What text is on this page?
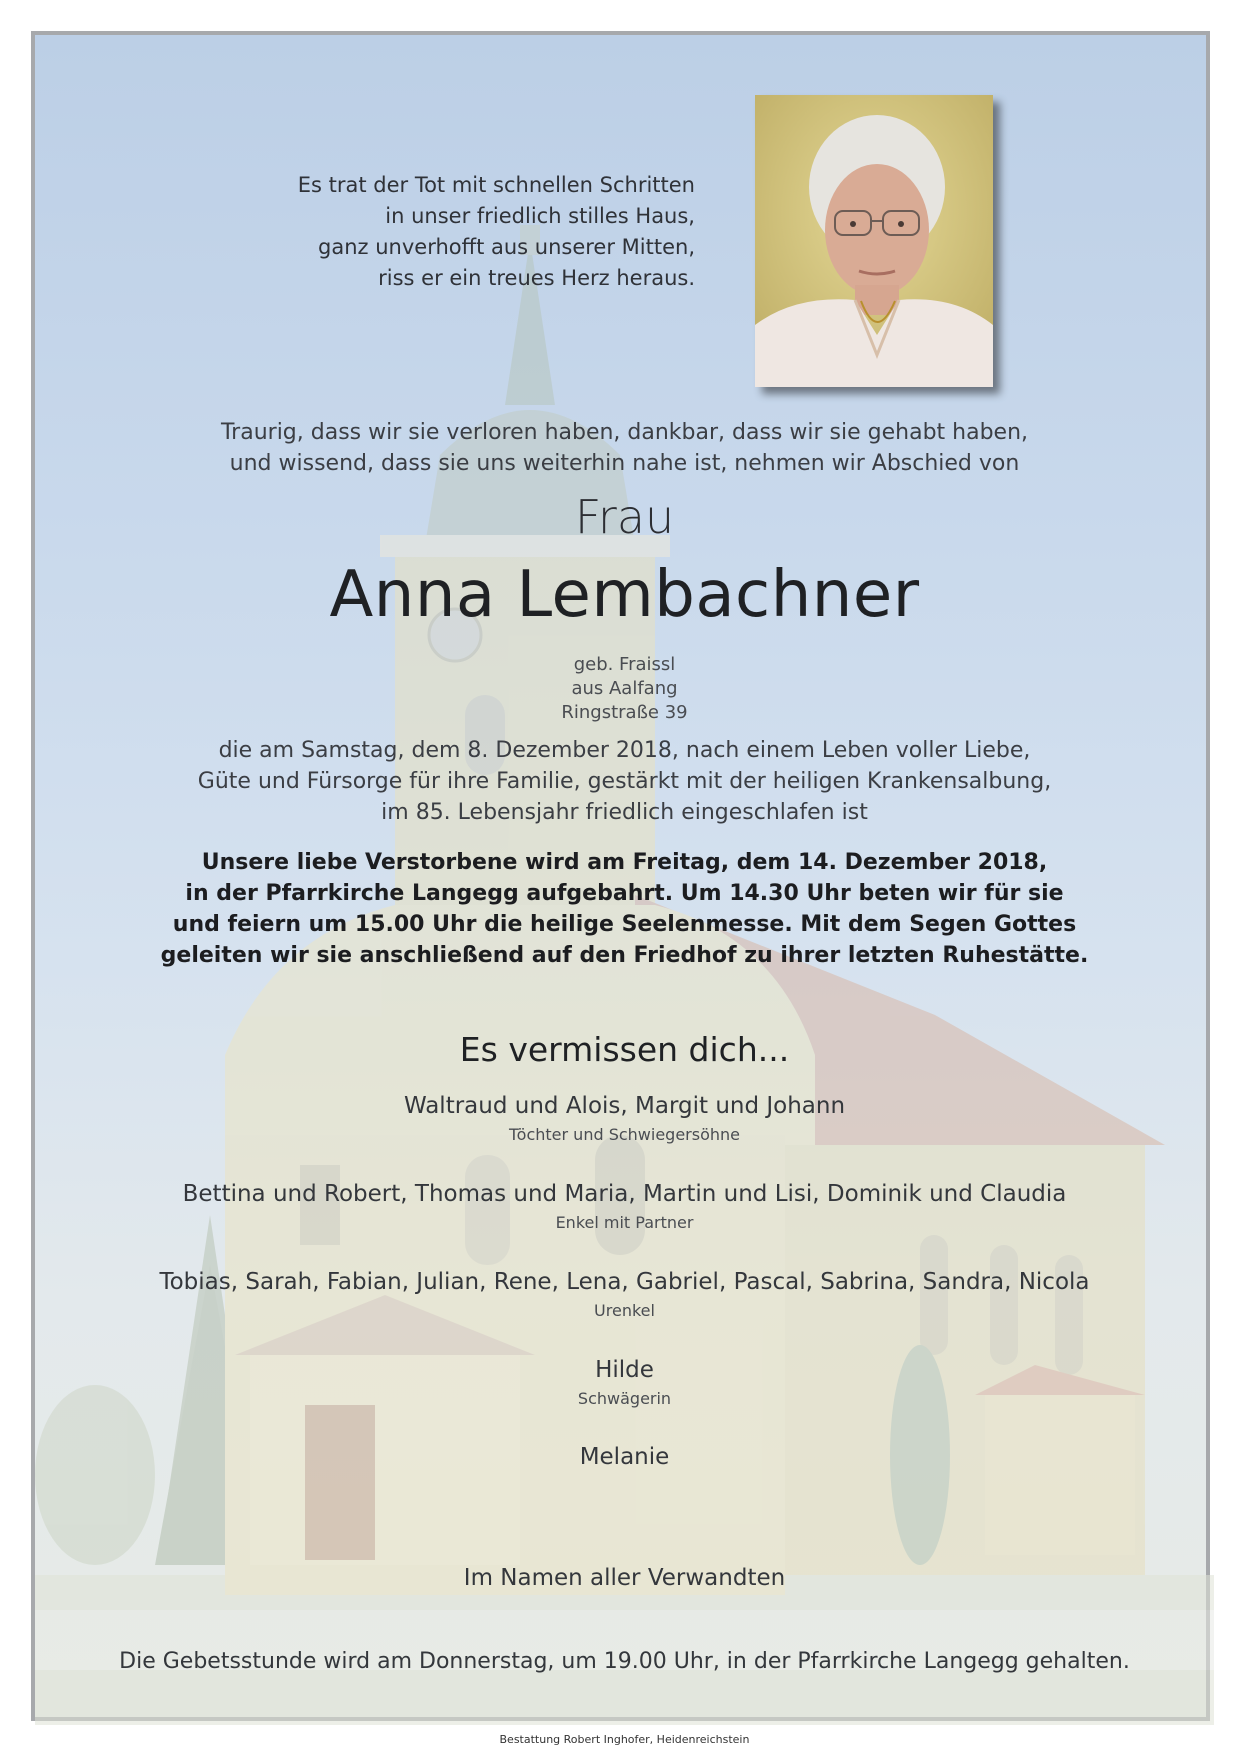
Es trat der Tot mit schnellen Schritten
in unser friedlich stilles Haus,
ganz unverhofft aus unserer Mitten,
riss er ein treues Herz heraus.
Traurig, dass wir sie verloren haben, dankbar, dass wir sie gehabt haben,
und wissend, dass sie uns weiterhin nahe ist, nehmen wir Abschied von
Frau
Anna Lembachner
geb. Fraissl
aus Aalfang
Ringstraße 39
die am Samstag, dem 8. Dezember 2018, nach einem Leben voller Liebe,
Güte und Fürsorge für ihre Familie, gestärkt mit der heiligen Krankensalbung,
im 85. Lebensjahr friedlich eingeschlafen ist
Unsere liebe Verstorbene wird am Freitag, dem 14. Dezember 2018,
in der Pfarrkirche Langegg aufgebahrt. Um 14.30 Uhr beten wir für sie
und feiern um 15.00 Uhr die heilige Seelenmesse. Mit dem Segen Gottes
geleiten wir sie anschließend auf den Friedhof zu ihrer letzten Ruhestätte.
Es vermissen dich...
Waltraud und Alois, Margit und Johann
Töchter und Schwiegersöhne
Bettina und Robert, Thomas und Maria, Martin und Lisi, Dominik und Claudia
Enkel mit Partner
Tobias, Sarah, Fabian, Julian, Rene, Lena, Gabriel, Pascal, Sabrina, Sandra, Nicola
Urenkel
Hilde
Schwägerin
Melanie
Im Namen aller Verwandten
Die Gebetsstunde wird am Donnerstag, um 19.00 Uhr, in der Pfarrkirche Langegg gehalten.
Bestattung Robert Inghofer, Heidenreichstein
